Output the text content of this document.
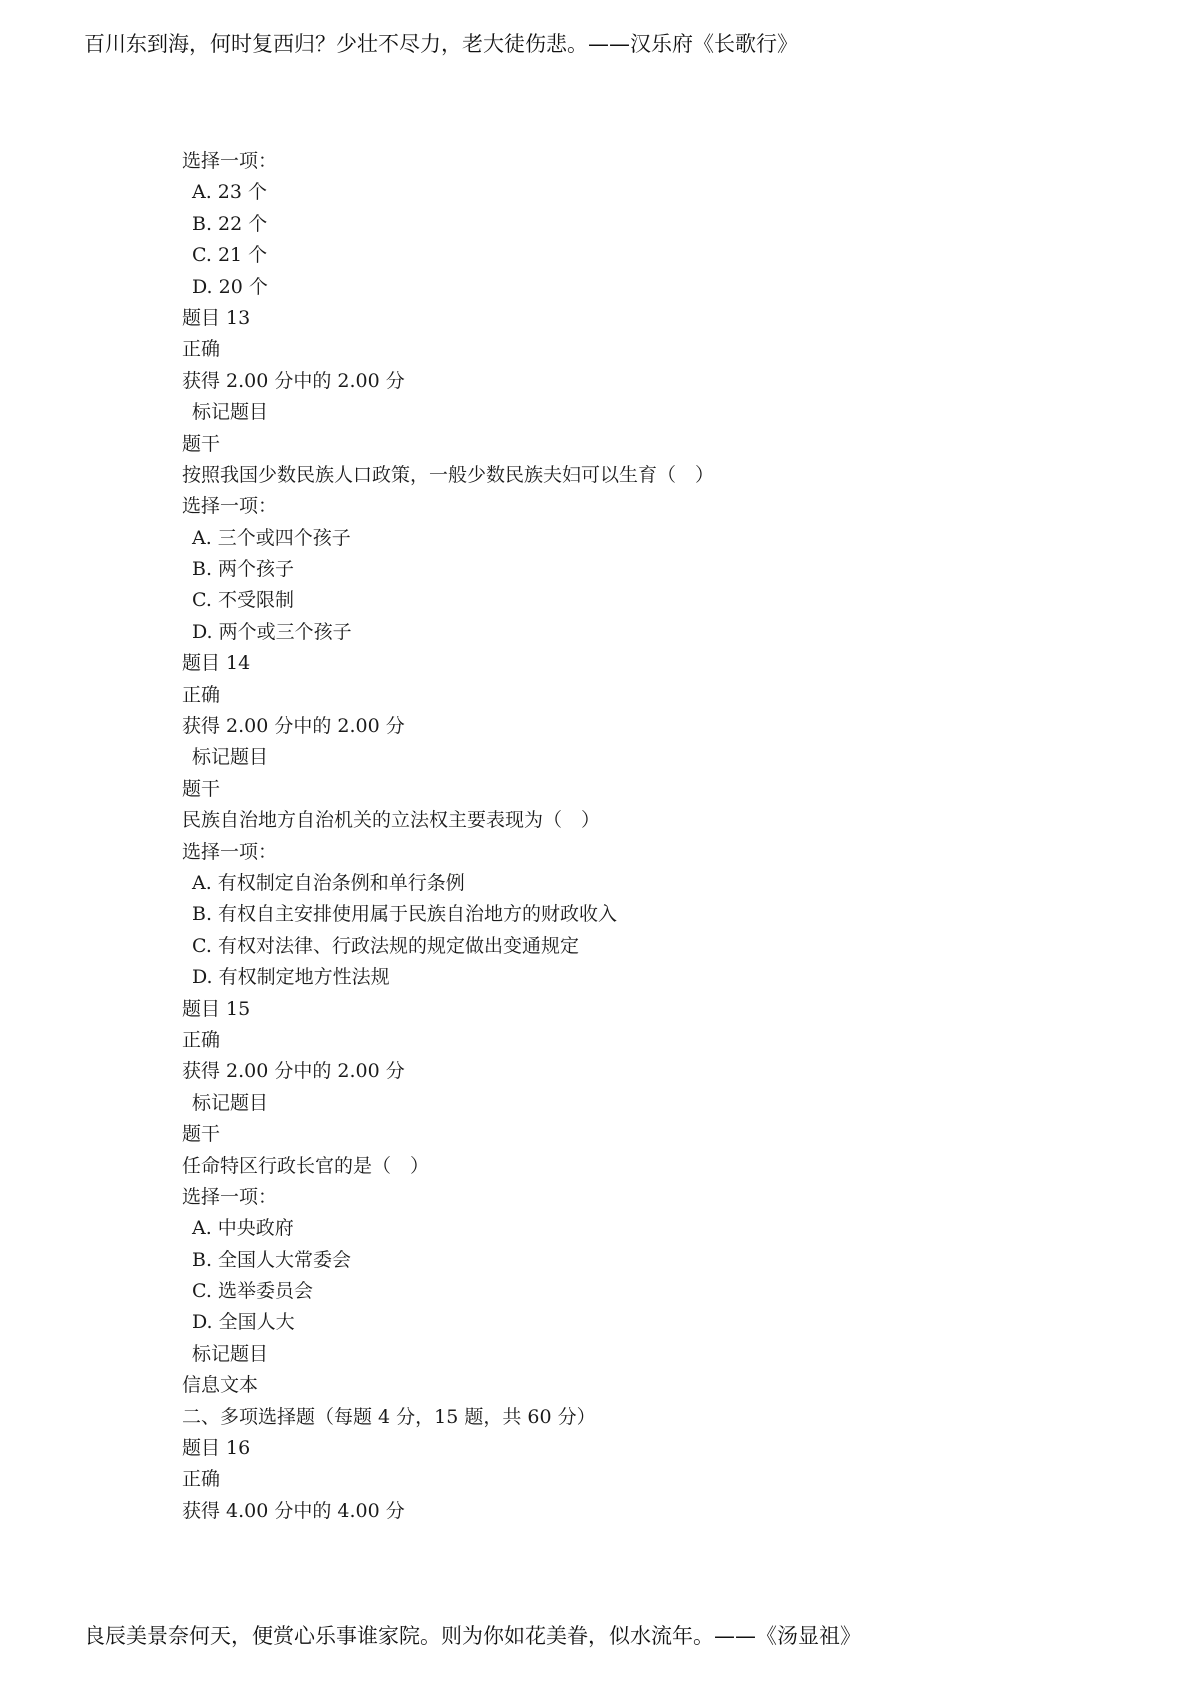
百川东到海，何时复西归？少壮不尽力，老大徒伤悲。——汉乐府《长歌行》
选择一项：
A. 23 个
B. 22 个
C. 21 个
D. 20 个
题目 13
正确
获得 2.00 分中的 2.00 分
标记题目
题干
按照我国少数民族人口政策，一般少数民族夫妇可以生育（　）
选择一项：
A. 三个或四个孩子
B. 两个孩子
C. 不受限制
D. 两个或三个孩子
题目 14
正确
获得 2.00 分中的 2.00 分
标记题目
题干
民族自治地方自治机关的立法权主要表现为（　）
选择一项：
A. 有权制定自治条例和单行条例
B. 有权自主安排使用属于民族自治地方的财政收入
C. 有权对法律、行政法规的规定做出变通规定
D. 有权制定地方性法规
题目 15
正确
获得 2.00 分中的 2.00 分
标记题目
题干
任命特区行政长官的是（　）
选择一项：
A. 中央政府
B. 全国人大常委会
C. 选举委员会
D. 全国人大
标记题目
信息文本
二、多项选择题（每题 4 分，15 题，共 60 分）
题目 16
正确
获得 4.00 分中的 4.00 分
良辰美景奈何天，便赏心乐事谁家院。则为你如花美眷，似水流年。——《汤显祖》
